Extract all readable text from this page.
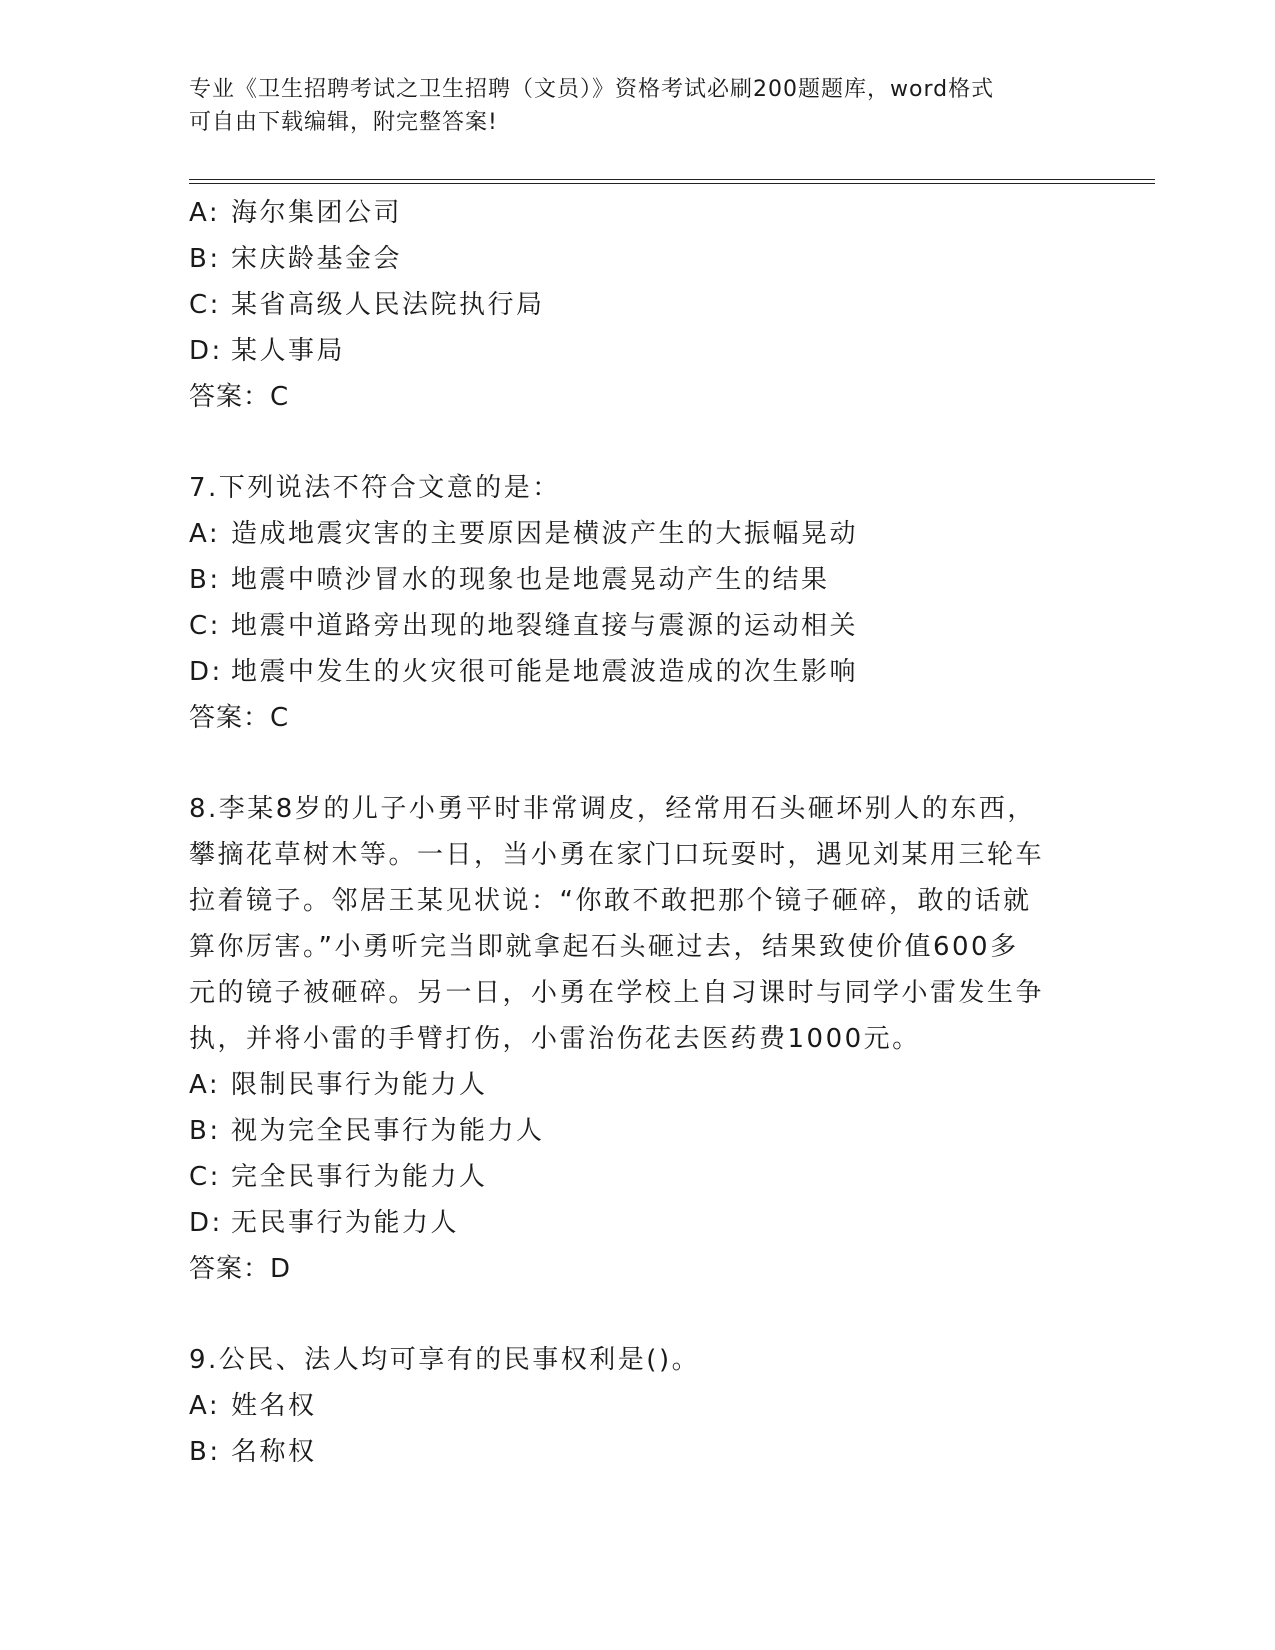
专业《卫生招聘考试之卫生招聘（文员）》资格考试必刷200题题库，word格式
可自由下载编辑，附完整答案!
A: 海尔集团公司
B: 宋庆龄基金会
C: 某省高级人民法院执行局
D: 某人事局
答案：C
7.下列说法不符合文意的是：
A: 造成地震灾害的主要原因是横波产生的大振幅晃动
B: 地震中喷沙冒水的现象也是地震晃动产生的结果
C: 地震中道路旁出现的地裂缝直接与震源的运动相关
D: 地震中发生的火灾很可能是地震波造成的次生影响
答案：C
8.李某8岁的儿子小勇平时非常调皮，经常用石头砸坏别人的东西，
攀摘花草树木等。一日，当小勇在家门口玩耍时，遇见刘某用三轮车
拉着镜子。邻居王某见状说：“你敢不敢把那个镜子砸碎，敢的话就
算你厉害。”小勇听完当即就拿起石头砸过去，结果致使价值600多
元的镜子被砸碎。另一日，小勇在学校上自习课时与同学小雷发生争
执，并将小雷的手臂打伤，小雷治伤花去医药费1000元。
A: 限制民事行为能力人
B: 视为完全民事行为能力人
C: 完全民事行为能力人
D: 无民事行为能力人
答案：D
9.公民、法人均可享有的民事权利是()。
A: 姓名权
B: 名称权
